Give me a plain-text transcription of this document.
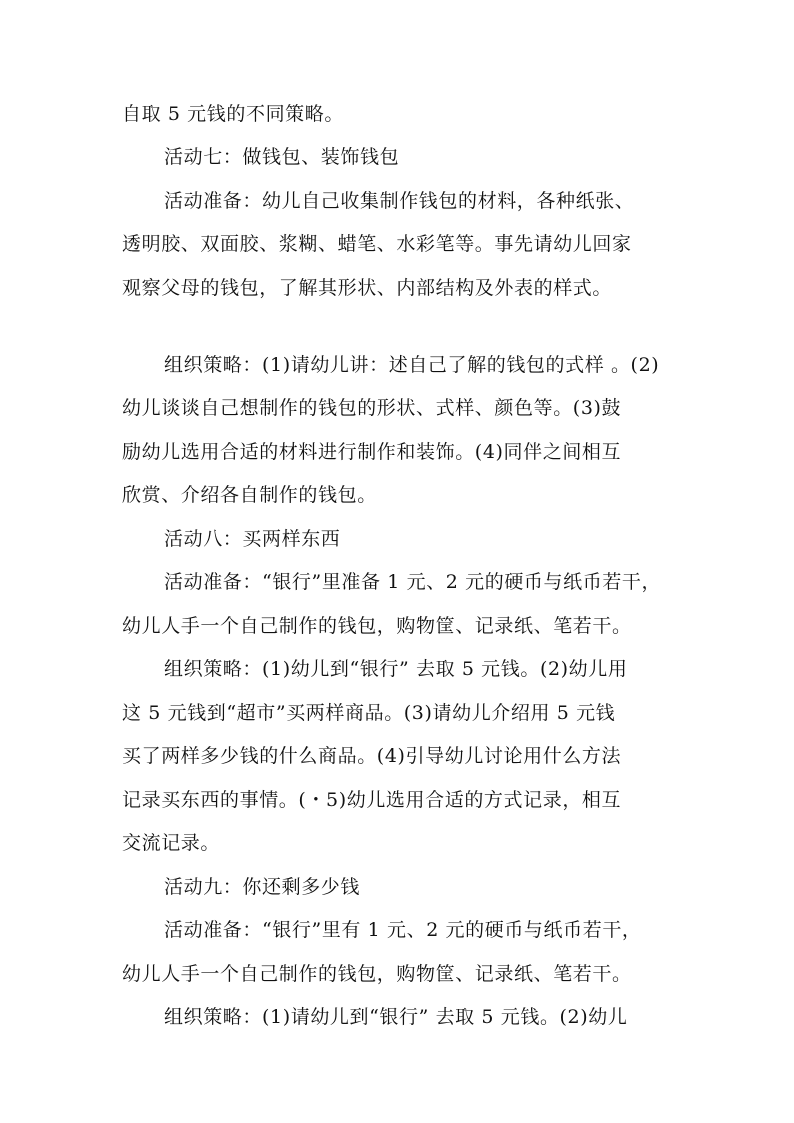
自取 5 元钱的不同策略。
活动七：做钱包、装饰钱包
活动准备：幼儿自己收集制作钱包的材料，各种纸张、
透明胶、双面胶、浆糊、蜡笔、水彩笔等。事先请幼儿回家
观察父母的钱包，了解其形状、内部结构及外表的样式。
组织策略：(1)请幼儿讲：述自己了解的钱包的式样 。(2)
幼儿谈谈自己想制作的钱包的形状、式样、颜色等。(3)鼓
励幼儿选用合适的材料进行制作和装饰。(4)同伴之间相互
欣赏、介绍各自制作的钱包。
活动八：买两样东西
活动准备：“银行”里准备 1 元、2 元的硬币与纸币若干，
幼儿人手一个自己制作的钱包，购物筐、记录纸、笔若干。
组织策略：(1)幼儿到“银行” 去取 5 元钱。(2)幼儿用
这 5 元钱到“超市”买两样商品。(3)请幼儿介绍用 5 元钱
买了两样多少钱的什么商品。(4)引导幼儿讨论用什么方法
记录买东西的事情。(・5)幼儿选用合适的方式记录，相互
交流记录。
活动九：你还剩多少钱
活动准备：“银行”里有 1 元、2 元的硬币与纸币若干，
幼儿人手一个自己制作的钱包，购物筐、记录纸、笔若干。
组织策略：(1)请幼儿到“银行” 去取 5 元钱。(2)幼儿
